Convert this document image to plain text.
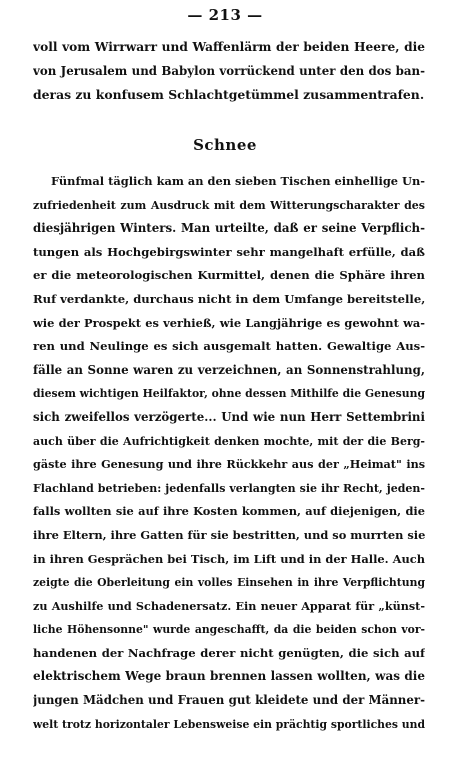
— 213 —
voll vom Wirrwarr und Waffenlärm der beiden Heere, die
von Jerusalem und Babylon vorrückend unter den dos ban-
deras zu konfusem Schlachtgetümmel zusammentrafen.
Schnee
Fünfmal täglich kam an den sieben Tischen einhellige Un-
zufriedenheit zum Ausdruck mit dem Witterungscharakter des
diesjährigen Winters. Man urteilte, daß er seine Verpflich-
tungen als Hochgebirgswinter sehr mangelhaft erfülle, daß
er die meteorologischen Kurmittel, denen die Sphäre ihren
Ruf verdankte, durchaus nicht in dem Umfange bereitstelle,
wie der Prospekt es verhieß, wie Langjährige es gewohnt wa-
ren und Neulinge es sich ausgemalt hatten. Gewaltige Aus-
fälle an Sonne waren zu verzeichnen, an Sonnenstrahlung,
diesem wichtigen Heilfaktor, ohne dessen Mithilfe die Genesung
sich zweifellos verzögerte... Und wie nun Herr Settembrini
auch über die Aufrichtigkeit denken mochte, mit der die Berg-
gäste ihre Genesung und ihre Rückkehr aus der „Heimat" ins
Flachland betrieben: jedenfalls verlangten sie ihr Recht, jeden-
falls wollten sie auf ihre Kosten kommen, auf diejenigen, die
ihre Eltern, ihre Gatten für sie bestritten, und so murrten sie
in ihren Gesprächen bei Tisch, im Lift und in der Halle. Auch
zeigte die Oberleitung ein volles Einsehen in ihre Verpflichtung
zu Aushilfe und Schadenersatz. Ein neuer Apparat für „künst-
liche Höhensonne" wurde angeschafft, da die beiden schon vor-
handenen der Nachfrage derer nicht genügten, die sich auf
elektrischem Wege braun brennen lassen wollten, was die
jungen Mädchen und Frauen gut kleidete und der Männer-
welt trotz horizontaler Lebensweise ein prächtig sportliches und
